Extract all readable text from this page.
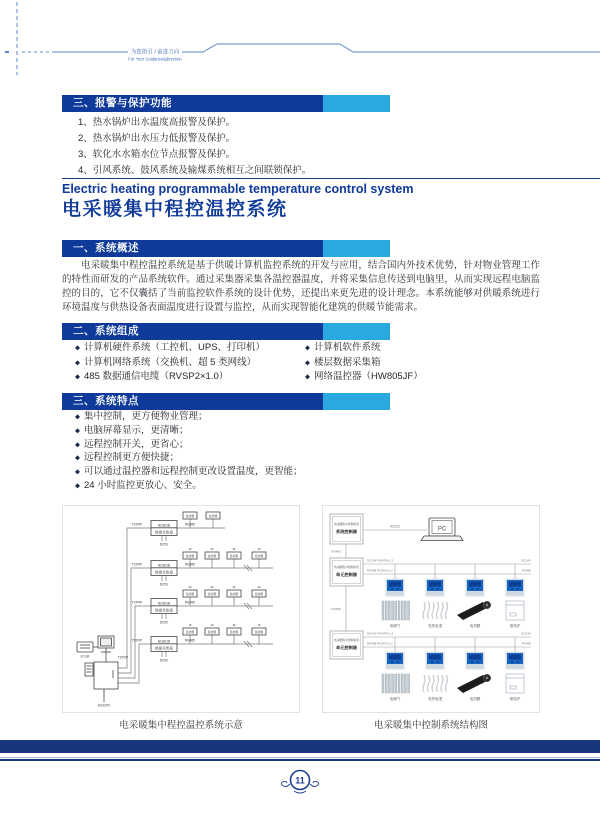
为您指引 / 前进方向
For Your Guidance&direction
三、报警与保护功能
1、热水锅炉出水温度高报警及保护。
2、热水锅炉出水压力低报警及保护。
3、软化水水箱水位节点报警及保护。
4、引风系统、鼓风系统及输煤系统相互之间联锁保护。
Electric heating programmable temperature control system
电采暖集中程控温控系统
一、系统概述
电采暖集中程控温控系统是基于供暖计算机监控系统的开发与应用，结合国内外技术优势，针对物业管理工作的特性而研发的产品系统软件。通过采集器采集各温控器温度，并将采集信息传送到电脑里，从而实现远程电脑监控的目的，它不仅囊括了当前监控软件系统的设计优势，还提出来更先进的设计理念。本系统能够对供暖系统进行环境温度与供热设备表面温度进行设置与监控，从而实现智能化建筑的供暖节能需求。
二、系统组成
◆ 计算机硬件系统（工控机、UPS、打印机）	◆ 计算机软件系统
◆ 计算机网络系统（交换机、超 5 类网线）	◆ 楼层数据采集箱
◆ 485 数据通信电缆（RVSP2×1.0）	◆ 网络温控器（HW805JF）
三、系统特点
◆ 集中控制，更方便物业管理；
◆ 电脑屏幕显示，更清晰；
◆ 远程控制开关，更省心；
◆ 远程控制更方便快捷；
◆ 可以通过温控器和远程控制更改设置温度，更智能；
◆ 24 小时监控更放心、安全。
NG301B
数据采集箱
NG301B
数据采集箱
NG301B
数据采集箱
NG301B
数据采集箱
TCP/IP
TCP/IP
TCP/IP
TCP/IP
TCP/IP
RS485
RS485
RS485
RS485
DC5V
DC5V
DC5V
DC5V
AC220V
打印机
温控器	温控器
温控器	温控器	温控器	温控器
温控器	温控器	温控器	温控器
温控器	温控器	温控器	温控器
1#	2#	3#	4#
1#	2#	3#	4#
1#	2#	3#	4#
电采暖集中程控温控系统示意
电采暖集中控制系统
系统控制器
电采暖集中控制系统
单元控制器
电采暖集中控制系统
单元控制器
RS232	PC
RS485
RS485
DC24V RVVP2×1.2
RS485 RVSP2×1.2
DC24V
RS485
DC24V RVVP2×1.2
RS485 RVSP2×1.2
DC24V
RS485
电暖气	发热电缆	电热膜	壁挂炉
电暖气	发热电缆	电热膜	壁挂炉
电采暖集中控制系统结构图
11
